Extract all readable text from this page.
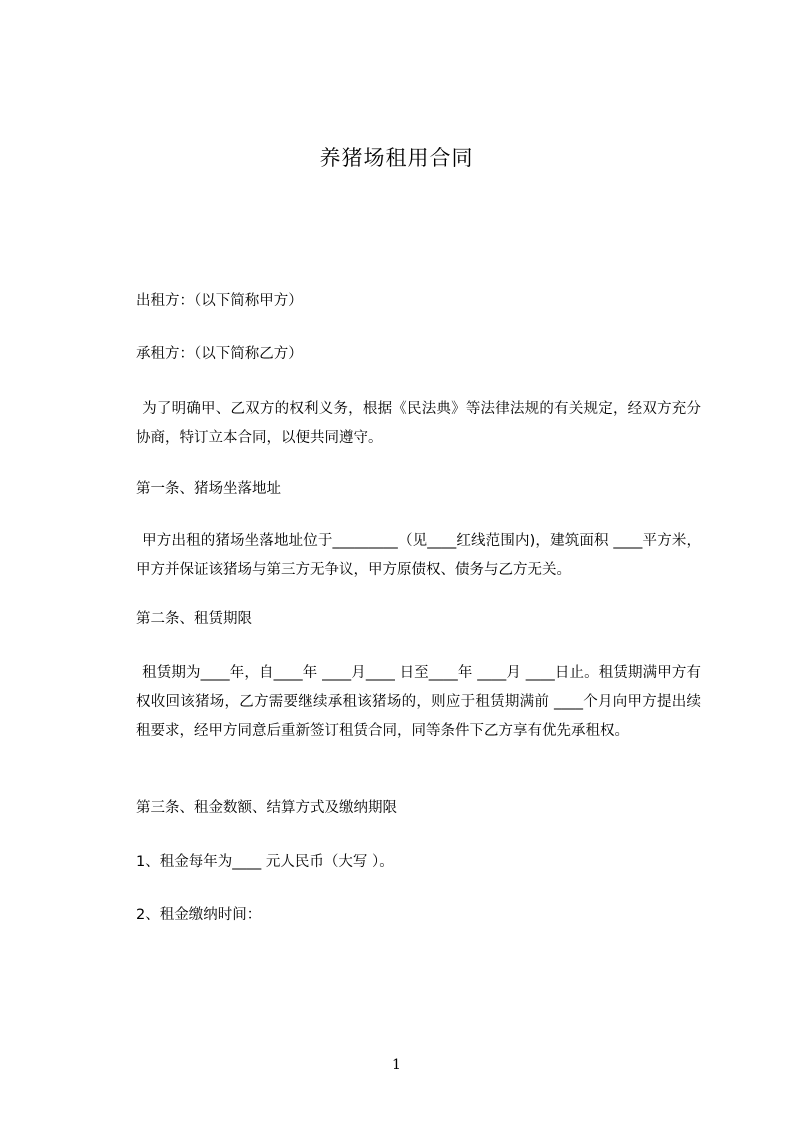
养猪场租用合同
出租方：（以下简称甲方）
承租方：（以下简称乙方）
为了明确甲、乙双方的权利义务，根据《民法典》等法律法规的有关规定，经双方充分协商，特订立本合同，以便共同遵守。
第一条、猪场坐落地址
甲方出租的猪场坐落地址位于_________（见____红线范围内)，建筑面积 ____平方米，甲方并保证该猪场与第三方无争议，甲方原债权、债务与乙方无关。
第二条、租赁期限
租赁期为____年，自____年 ____月____ 日至____年 ____月 ____日止。租赁期满甲方有权收回该猪场，乙方需要继续承租该猪场的，则应于租赁期满前 ____个月向甲方提出续租要求，经甲方同意后重新签订租赁合同，同等条件下乙方享有优先承租权。
第三条、租金数额、结算方式及缴纳期限
1、租金每年为____ 元人民币（大写 ）。
2、租金缴纳时间：
1
